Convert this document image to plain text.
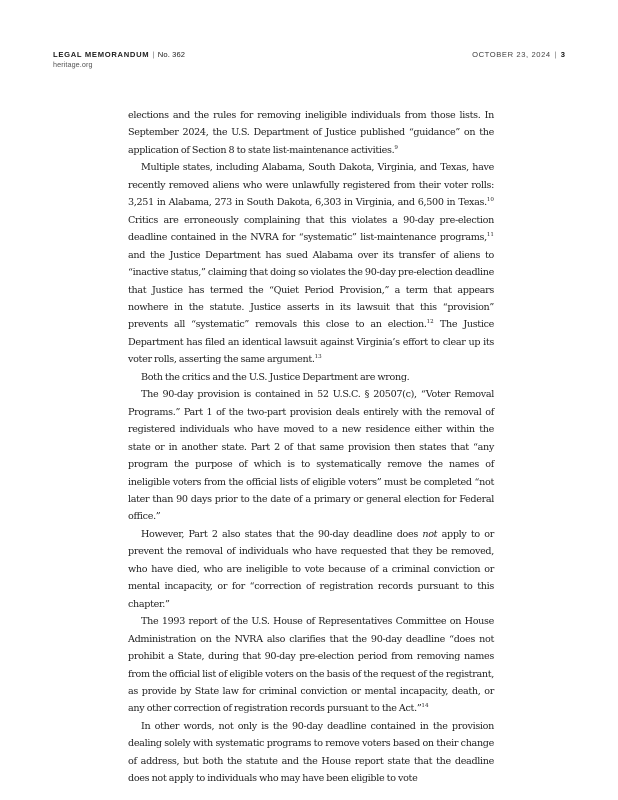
LEGAL MEMORANDUM | No. 362
heritage.org
OCTOBER 23, 2024 | 3

elections and the rules for removing ineligible individuals from those lists. In September 2024, the U.S. Department of Justice published “guidance” on the application of Section 8 to state list-maintenance activities.$^9$

Multiple states, including Alabama, South Dakota, Virginia, and Texas, have recently removed aliens who were unlawfully registered from their voter rolls: 3,251 in Alabama, 273 in South Dakota, 6,303 in Virginia, and 6,500 in Texas.$^{10}$ Critics are erroneously complaining that this violates a 90-day pre-election deadline contained in the NVRA for “systematic” list-maintenance programs,$^{11}$ and the Justice Department has sued Alabama over its transfer of aliens to “inactive status,” claiming that doing so violates the 90-day pre-election deadline that Justice has termed the “Quiet Period Provision,” a term that appears nowhere in the statute. Justice asserts in its lawsuit that this “provision” prevents all “systematic” removals this close to an election.$^{12}$ The Justice Department has filed an identical lawsuit against Virginia’s effort to clear up its voter rolls, asserting the same argument.$^{13}$

Both the critics and the U.S. Justice Department are wrong.

The 90-day provision is contained in 52 U.S.C. § 20507(c), “Voter Removal Programs.” Part 1 of the two-part provision deals entirely with the removal of registered individuals who have moved to a new residence either within the state or in another state. Part 2 of that same provision then states that “any program the purpose of which is to systematically remove the names of ineligible voters from the official lists of eligible voters” must be completed “not later than 90 days prior to the date of a primary or general election for Federal office.”

However, Part 2 also states that the 90-day deadline does not apply to or prevent the removal of individuals who have requested that they be removed, who have died, who are ineligible to vote because of a criminal conviction or mental incapacity, or for “correction of registration records pursuant to this chapter.”

The 1993 report of the U.S. House of Representatives Committee on House Administration on the NVRA also clarifies that the 90-day deadline “does not prohibit a State, during that 90-day pre-election period from removing names from the official list of eligible voters on the basis of the request of the registrant, as provide by State law for criminal conviction or mental incapacity, death, or any other correction of registration records pursuant to the Act.”$^{14}$

In other words, not only is the 90-day deadline contained in the provision dealing solely with systematic programs to remove voters based on their change of address, but both the statute and the House report state that the deadline does not apply to individuals who may have been eligible to vote
